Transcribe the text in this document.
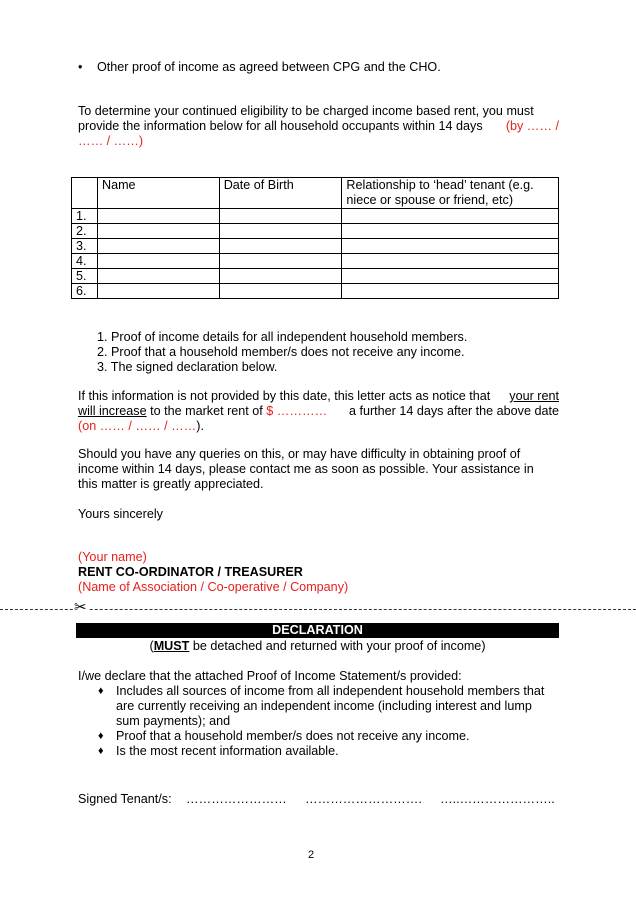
• Other proof of income as agreed between CPG and the CHO.
To determine your continued eligibility to be charged income based rent, you must
provide the information below for all household occupants within 14 days (by …… /
…… / ……)
	Name	Date of Birth	Relationship to ‘head’ tenant (e.g. niece or spouse or friend, etc)
1.			
2.			
3.			
4.			
5.			
6.			
1. Proof of income details for all independent household members.
2. Proof that a household member/s does not receive any income.
3. The signed declaration below.
If this information is not provided by this date, this letter acts as notice that your rent
will increase to the market rent of $ ………… a further 14 days after the above date
(on …… / …… / ……).
Should you have any queries on this, or may have difficulty in obtaining proof of
income within 14 days, please contact me as soon as possible. Your assistance in
this matter is greatly appreciated.
Yours sincerely
(Your name)
RENT CO-ORDINATOR / TREASURER
(Name of Association / Co-operative / Company)
✂
DECLARATION
(MUST be detached and returned with your proof of income)
I/we declare that the attached Proof of Income Statement/s provided:
♦ Includes all sources of income from all independent household members that
are currently receiving an independent income (including interest and lump
sum payments); and
♦ Proof that a household member/s does not receive any income.
♦ Is the most recent information available.
Signed Tenant/s: …………………… ………………………. …..…………………..
2
